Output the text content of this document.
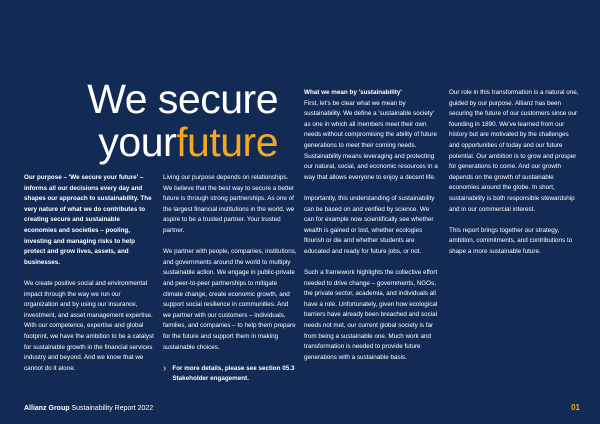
We secure
yourfuture

Our purpose – 'We secure your future' – informs all our decisions every day and shapes our approach to sustainability. The very nature of what we do contributes to creating secure and sustainable economies and societies – pooling, investing and managing risks to help protect and grow lives, assets, and businesses.

We create positive social and environmental impact through the way we run our organization and by using our insurance, investment, and asset management expertise. With our competence, expertise and global footprint, we have the ambition to be a catalyst for sustainable growth in the financial services industry and beyond. And we know that we cannot do it alone.

Living our purpose depends on relationships. We believe that the best way to secure a better future is through strong partnerships. As one of the largest financial institutions in the world, we aspire to be a trusted partner. Your trusted partner.

We partner with people, companies, institutions, and governments around the world to multiply sustainable action. We engage in public-private and peer-to-peer partnerships to mitigate climate change, create economic growth, and support social resilience in communities. And we partner with our customers – individuals, families, and companies – to help them prepare for the future and support them in making sustainable choices.

› For more details, please see section 05.3 Stakeholder engagement.
What we mean by 'sustainability'

First, let's be clear what we mean by sustainability. We define a 'sustainable society' as one in which all members meet their own needs without compromising the ability of future generations to meet their coming needs. Sustainability means leveraging and protecting our natural, social, and economic resources in a way that allows everyone to enjoy a decent life.

Importantly, this understanding of sustainability can be based on and verified by science. We can for example now scientifically see whether wealth is gained or lost, whether ecologies flourish or die and whether students are educated and ready for future jobs, or not.

Such a framework highlights the collective effort needed to drive change – governments, NGOs, the private sector, academia, and individuals all have a role. Unfortunately, given how ecological barriers have already been breached and social needs not met, our current global society is far from being a sustainable one. Much work and transformation is needed to provide future generations with a sustainable basis.

Our role in this transformation is a natural one, guided by our purpose. Allianz has been securing the future of our customers since our founding in 1890. We've learned from our history but are motivated by the challenges and opportunities of today and our future potential. Our ambition is to grow and prosper for generations to come. And our growth depends on the growth of sustainable economies around the globe. In short, sustainability is both responsible stewardship and in our commercial interest.

This report brings together our strategy, ambition, commitments, and contributions to shape a more sustainable future.

Allianz Group Sustainability Report 2022	01
